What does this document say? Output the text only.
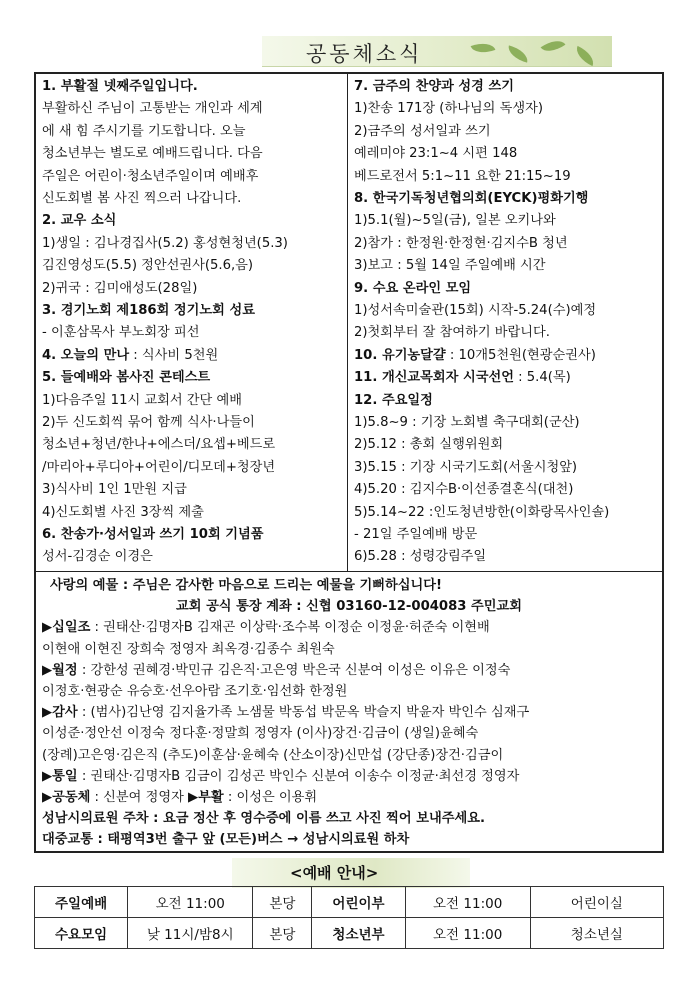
공동체소식
1. 부활절 넷째주일입니다.
부활하신 주님이 고통받는 개인과 세계
에 새 힘 주시기를 기도합니다. 오늘
청소년부는 별도로 예배드립니다. 다음
주일은 어린이·청소년주일이며 예배후
신도회별 봄 사진 찍으러 나갑니다.
2. 교우 소식
1)생일 : 김나경집사(5.2) 홍성현청년(5.3)
김진영성도(5.5) 정안선권사(5.6,음)
2)귀국 : 김미애성도(28일)
3. 경기노회 제186회 정기노회 성료
- 이훈삼목사 부노회장 피선
4. 오늘의 만나 : 식사비 5천원
5. 들예배와 봄사진 콘테스트
1)다음주일 11시 교회서 간단 예배
2)두 신도회씩 묶어 함께 식사·나들이
청소년+청년/한나+에스더/요셉+베드로
/마리아+루디아+어린이/디모데+청장년
3)식사비 1인 1만원 지급
4)신도회별 사진 3장씩 제출
6. 찬송가·성서일과 쓰기 10회 기념품
성서-김경순 이경은
7. 금주의 찬양과 성경 쓰기
1)찬송 171장 (하나님의 독생자)
2)금주의 성서일과 쓰기
예레미야 23:1~4 시편 148
베드로전서 5:1~11 요한 21:15~19
8. 한국기독청년협의회(EYCK)평화기행
1)5.1(월)~5일(금), 일본 오키나와
2)참가 : 한정원·한정현·김지수B 청년
3)보고 : 5월 14일 주일예배 시간
9. 수요 온라인 모임
1)성서속미술관(15회) 시작-5.24(수)예정
2)첫회부터 잘 참여하기 바랍니다.
10. 유기농달걀 : 10개5천원(현광순권사)
11. 개신교목회자 시국선언 : 5.4(목)
12. 주요일정
1)5.8~9 : 기장 노회별 축구대회(군산)
2)5.12 : 총회 실행위원회
3)5.15 : 기장 시국기도회(서울시청앞)
4)5.20 : 김지수B·이선종결혼식(대천)
5)5.14~22 :인도청년방한(이화랑목사인솔)
- 21일 주일예배 방문
6)5.28 : 성령강림주일
사랑의 예물 : 주님은 감사한 마음으로 드리는 예물을 기뻐하십니다!
교회 공식 통장 계좌 : 신협 03160-12-004083 주민교회
▶십일조 : 권태산·김명자B 김재곤 이상락·조수복 이정순 이정윤·허준숙 이현배
이현애 이현진 장희숙 정영자 최옥경·김종수 최원숙
▶월정 : 강한성 권혜경·박민규 김은직·고은영 박은국 신분여 이성은 이유은 이정숙
이정호·현광순 유승호·선우아람 조기호·임선화 한정원
▶감사 : (범사)김난영 김지율가족 노샘물 박동섭 박문옥 박슬지 박윤자 박인수 심재구
이성준·정안선 이정숙 정다훈·정말희 정영자 (이사)장건·김금이 (생일)윤혜숙
(장례)고은영·김은직 (추도)이훈삼·윤혜숙 (산소이장)신만섭 (강단종)장건·김금이
▶통일 : 권태산·김명자B 김금이 김성곤 박인수 신분여 이송수 이정균·최선경 정영자
▶공동체 : 신분여 정영자 ▶부활 : 이성은 이용휘
성남시의료원 주차 : 요금 정산 후 영수증에 이름 쓰고 사진 찍어 보내주세요.
대중교통 : 태평역3번 출구 앞 (모든)버스 → 성남시의료원 하차
<예배 안내>
주일예배	오전 11:00	본당	어린이부	오전 11:00	어린이실
수요모임	낮 11시/밤8시	본당	청소년부	오전 11:00	청소년실
